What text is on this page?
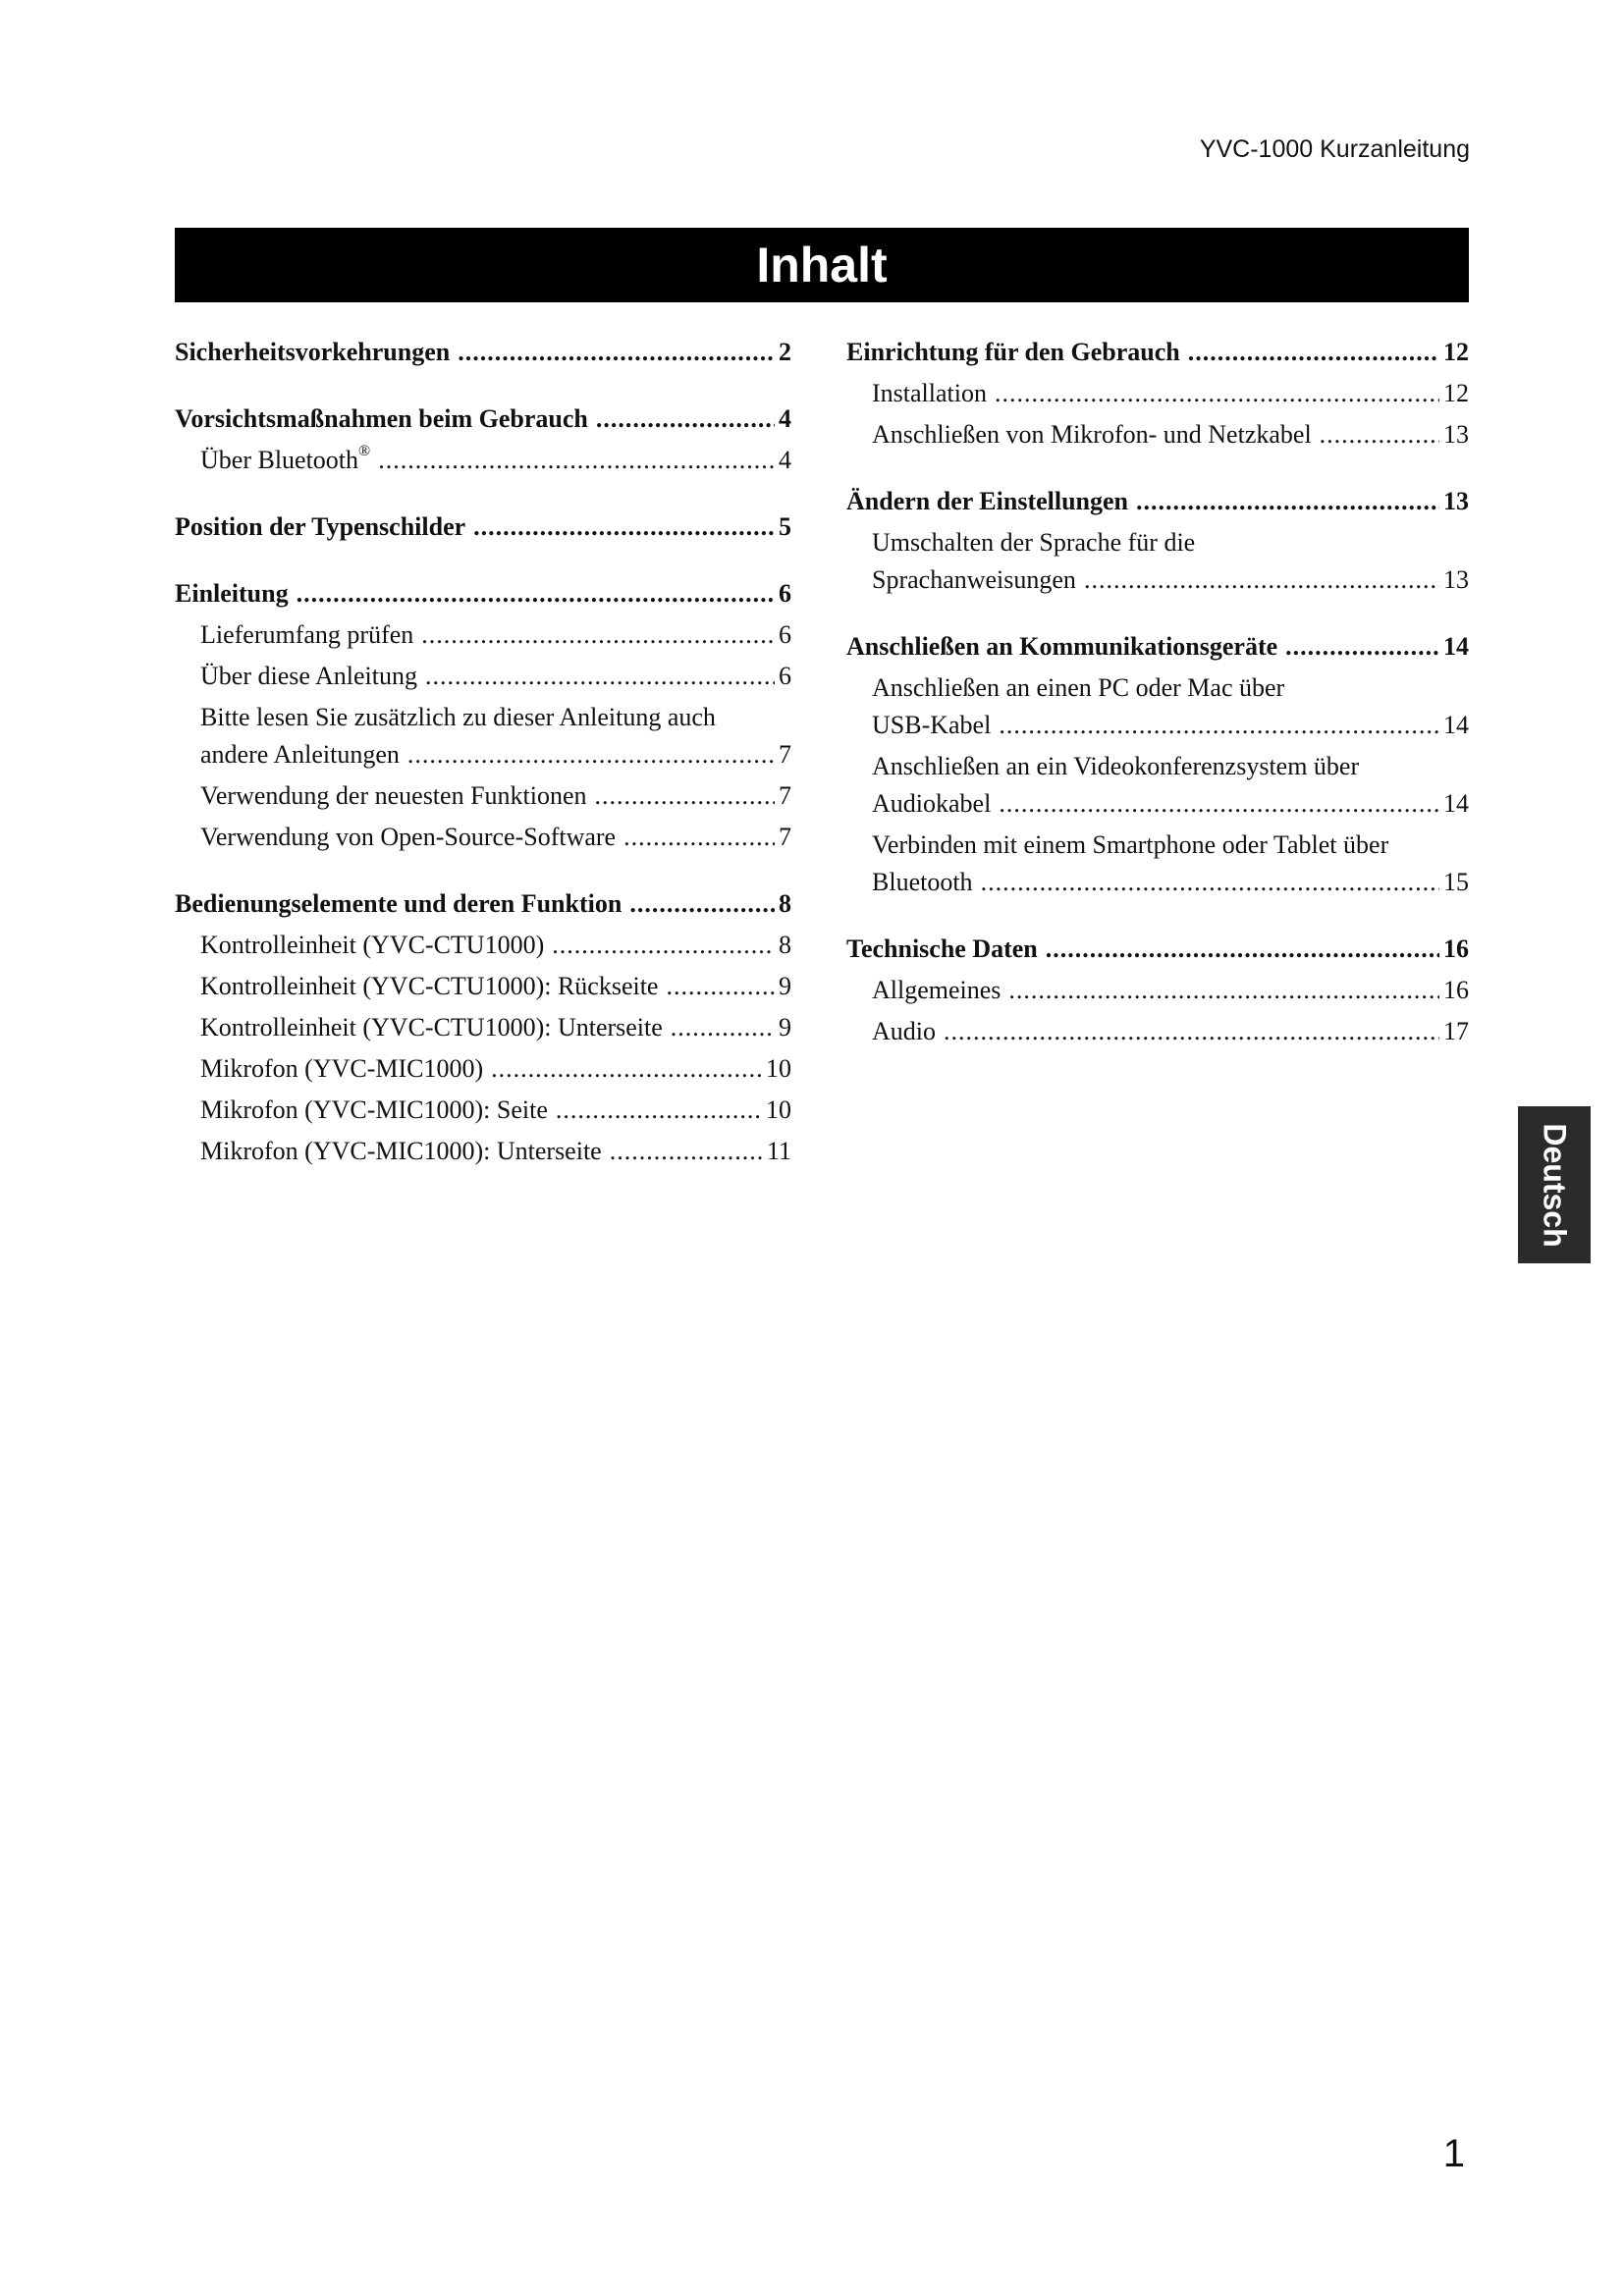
YVC-1000 Kurzanleitung
Inhalt
Sicherheitsvorkehrungen .....	2
Vorsichtsmaßnahmen beim Gebrauch .....	4
Über Bluetooth® .....	4
Position der Typenschilder .....	5
Einleitung .....	6
Lieferumfang prüfen .....	6
Über diese Anleitung .....	6
Bitte lesen Sie zusätzlich zu dieser Anleitung auch
andere Anleitungen .....	7
Verwendung der neuesten Funktionen .....	7
Verwendung von Open-Source-Software .....	7
Bedienungselemente und deren Funktion .....	8
Kontrolleinheit (YVC-CTU1000) .....	8
Kontrolleinheit (YVC-CTU1000): Rückseite .....	9
Kontrolleinheit (YVC-CTU1000): Unterseite .....	9
Mikrofon (YVC-MIC1000) .....	10
Mikrofon (YVC-MIC1000): Seite .....	10
Mikrofon (YVC-MIC1000): Unterseite .....	11
Einrichtung für den Gebrauch .....	12
Installation .....	12
Anschließen von Mikrofon- und Netzkabel .....	13
Ändern der Einstellungen .....	13
Umschalten der Sprache für die
Sprachanweisungen .....	13
Anschließen an Kommunikationsgeräte .....	14
Anschließen an einen PC oder Mac über
USB-Kabel .....	14
Anschließen an ein Videokonferenzsystem über
Audiokabel .....	14
Verbinden mit einem Smartphone oder Tablet über
Bluetooth .....	15
Technische Daten .....	16
Allgemeines .....	16
Audio .....	17
Deutsch
1
